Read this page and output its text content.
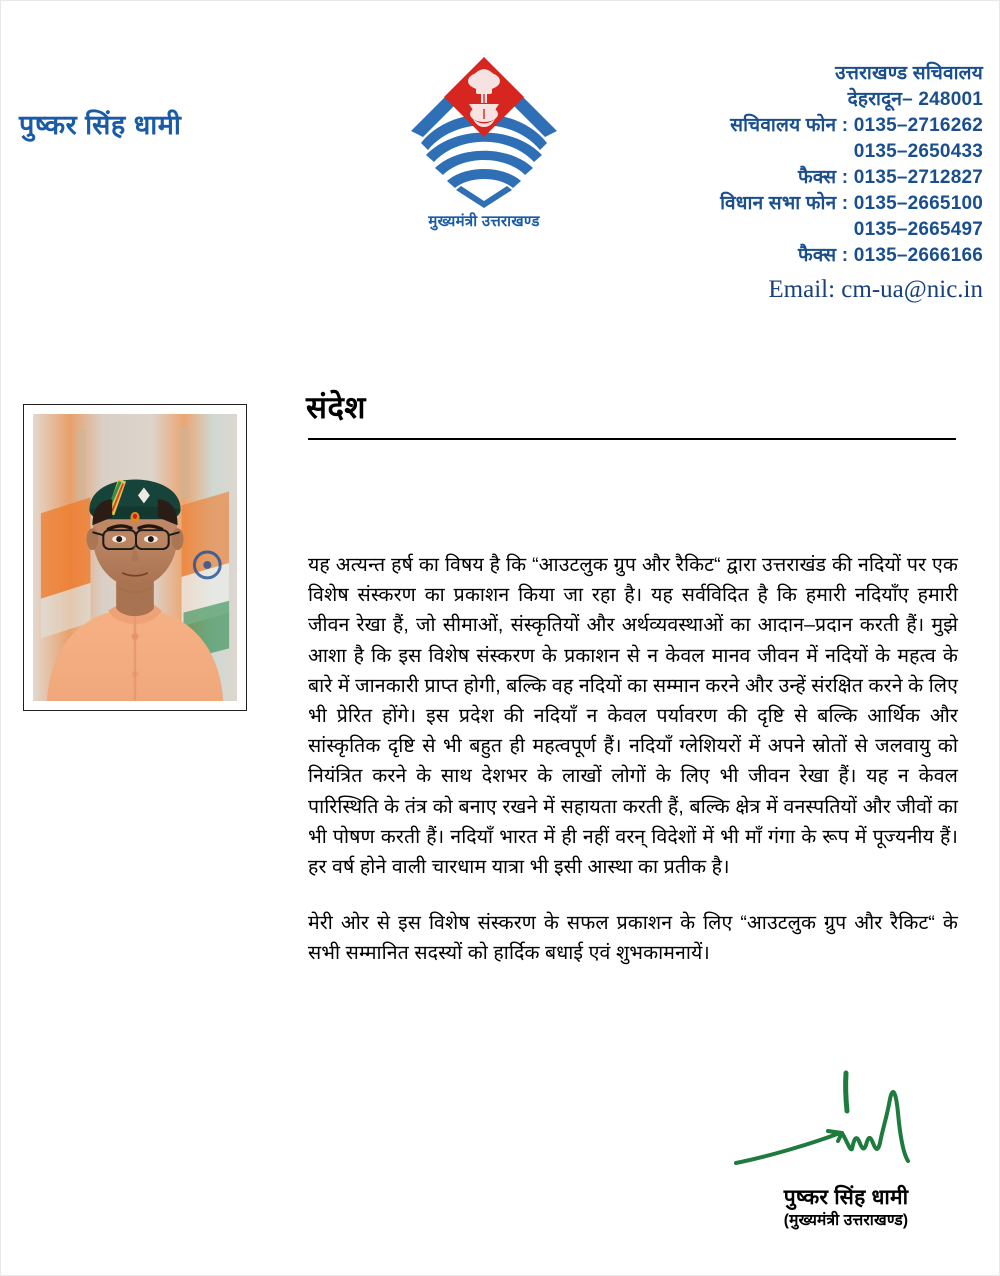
पुष्कर सिंह धामी
मुख्यमंत्री उत्तराखण्ड
उत्तराखण्ड सचिवालय
देहरादून– 248001
सचिवालय फोन : 0135–2716262
0135–2650433
फैक्स : 0135–2712827
विधान सभा फोन : 0135–2665100
0135–2665497
फैक्स : 0135–2666166
Email: cm-ua@nic.in
संदेश

यह अत्यन्त हर्ष का विषय है कि “आउटलुक ग्रुप और रैकिट“ द्वारा उत्तराखंड की नदियों पर एक विशेष संस्करण का प्रकाशन किया जा रहा है। यह सर्वविदित है कि हमारी नदियाँए हमारी जीवन रेखा हैं, जो सीमाओं, संस्कृतियों और अर्थव्यवस्थाओं का आदान–प्रदान करती हैं। मुझे आशा है कि इस विशेष संस्करण के प्रकाशन से न केवल मानव जीवन में नदियों के महत्व के बारे में जानकारी प्राप्त होगी, बल्कि वह नदियों का सम्मान करने और उन्हें संरक्षित करने के लिए भी प्रेरित होंगे। इस प्रदेश की नदियाँ न केवल पर्यावरण की दृष्टि से बल्कि आर्थिक और सांस्कृतिक दृष्टि से भी बहुत ही महत्वपूर्ण हैं। नदियाँ ग्लेशियरों में अपने स्रोतों से जलवायु को नियंत्रित करने के साथ देशभर के लाखों लोगों के लिए भी जीवन रेखा हैं। यह न केवल पारिस्थिति के तंत्र को बनाए रखने में सहायता करती हैं, बल्कि क्षेत्र में वनस्पतियों और जीवों का भी पोषण करती हैं। नदियाँ भारत में ही नहीं वरन् विदेशों में भी माँ गंगा के रूप में पूज्यनीय हैं। हर वर्ष होने वाली चारधाम यात्रा भी इसी आस्था का प्रतीक है।

मेरी ओर से इस विशेष संस्करण के सफल प्रकाशन के लिए “आउटलुक ग्रुप और रैकिट“ के सभी सम्मानित सदस्यों को हार्दिक बधाई एवं शुभकामनायें।

पुष्कर सिंह धामी
(मुख्यमंत्री उत्तराखण्ड)
